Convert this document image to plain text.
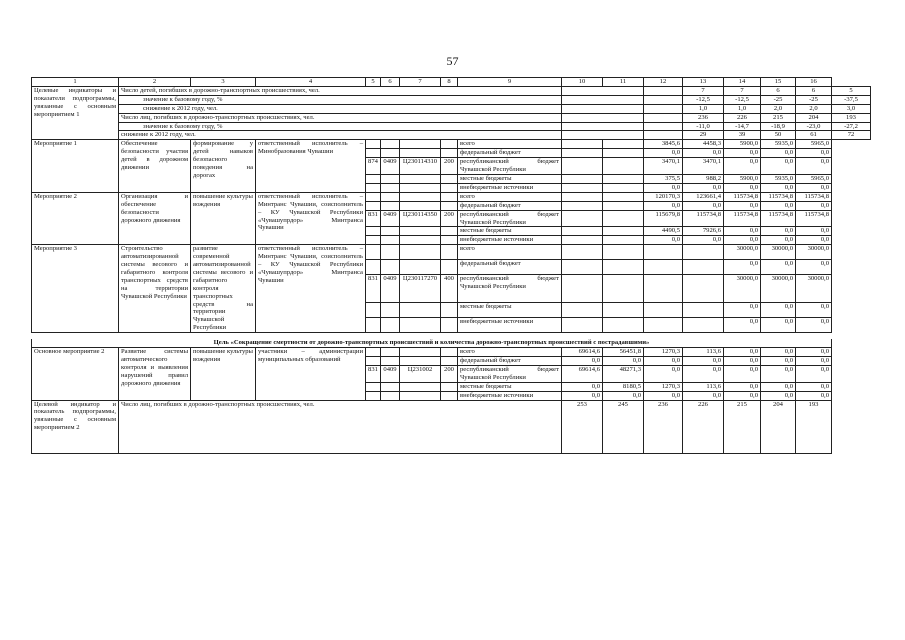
57
1	2	3	4	5	6	7	8	9	10	11	12	13	14	15	16	
Целевые индикаторы и показатели подпрограммы, увязанные с основным мероприятием 1	Число детей, погибших в дорожно-транспортных происшествиях, чел.											7	7	6	6	5
	значение к базовому году, %											-12,5	-12,5	-25	-25	-37,5
	снижение к 2012 году, чел.											1,0	1,0	2,0	2,0	3,0
	Число лиц, погибших в дорожно-транспортных происшествиях, чел.											236	226	215	204	193
	значение к базовому году, %											-11,0	-14,7	-18,9	-23,0	-27,2
	снижение к 2012 году, чел.											29	39	50	61	72
Мероприятие 1	Обеспечение безопасности участия детей в дорожном движении	формирование у детей навыков безопасного поведения на дорогах	ответственный исполнитель – Минобразования Чувашии					всего			3845,6	4458,3	5900,0	5935,0	5965,0	
								федеральный бюджет			0,0	0,0	0,0	0,0	0,0	
				874	0409	Ц230114310	200	республиканский бюджет Чувашской Республики			3470,1	3470,1	0,0	0,0	0,0	
								местные бюджеты			375,5	988,2	5900,0	5935,0	5965,0	
								внебюджетные источники			0,0	0,0	0,0	0,0	0,0	
Мероприятие 2	Организация и обеспечение безопасности дорожного движения	повышение культуры вождения	ответственный исполнитель – Минтранс Чувашии, соисполнитель – КУ Чувашской Республики «Чувашупрдор» Минтранса Чувашии					всего			120170,3	123661,4	115734,8	115734,8	115734,8	
								федеральный бюджет			0,0	0,0	0,0	0,0	0,0	
				831	0409	Ц230114350	200	республиканский бюджет Чувашской Республики			115679,8	115734,8	115734,8	115734,8	115734,8	
								местные бюджеты			4490,5	7926,6	0,0	0,0	0,0	
								внебюджетные источники			0,0	0,0	0,0	0,0	0,0	
Мероприятие 3	Строительство автоматизированной системы весового и габаритного контроля транспортных средств на территории Чувашской Республики	развитие современной автоматизированной системы весового и габаритного контроля транспортных средств на территории Чувашской Республики	ответственный исполнитель – Минтранс Чувашии, соисполнитель – КУ Чувашской Республики «Чувашупрдор» Минтранса Чувашии					всего					30000,0	30000,0	30000,0	
								федеральный бюджет					0,0	0,0	0,0	
				831	0409	Ц230117270	400	республиканский бюджет Чувашской Республики					30000,0	30000,0	30000,0	
								местные бюджеты					0,0	0,0	0,0	
								внебюджетные источники					0,0	0,0	0,0	

Цель «Сокращение смертности от дорожно-транспортных происшествий и количества дорожно-транспортных происшествий с пострадавшими»																
Основное мероприятие 2	Развитие системы автоматического контроля и выявления нарушений правил дорожного движения	повышение культуры вождения	участники – администрации муниципальных образований					всего	69614,6	56451,8	1270,3	113,6	0,0	0,0	0,0	
								федеральный бюджет	0,0	0,0	0,0	0,0	0,0	0,0	0,0	
				831	0409	Ц231002	200	республиканский бюджет Чувашской Республики	69614,6	48271,3	0,0	0,0	0,0	0,0	0,0	
								местные бюджеты	0,0	8180,5	1270,3	113,6	0,0	0,0	0,0	
								внебюджетные источники	0,0	0,0	0,0	0,0	0,0	0,0	0,0	
Целевой индикатор и показатель подпрограммы, увязанные с основным мероприятием 2	Число лиц, погибших в дорожно-транспортных происшествиях, чел.								253	245	236	226	215	204	193	
